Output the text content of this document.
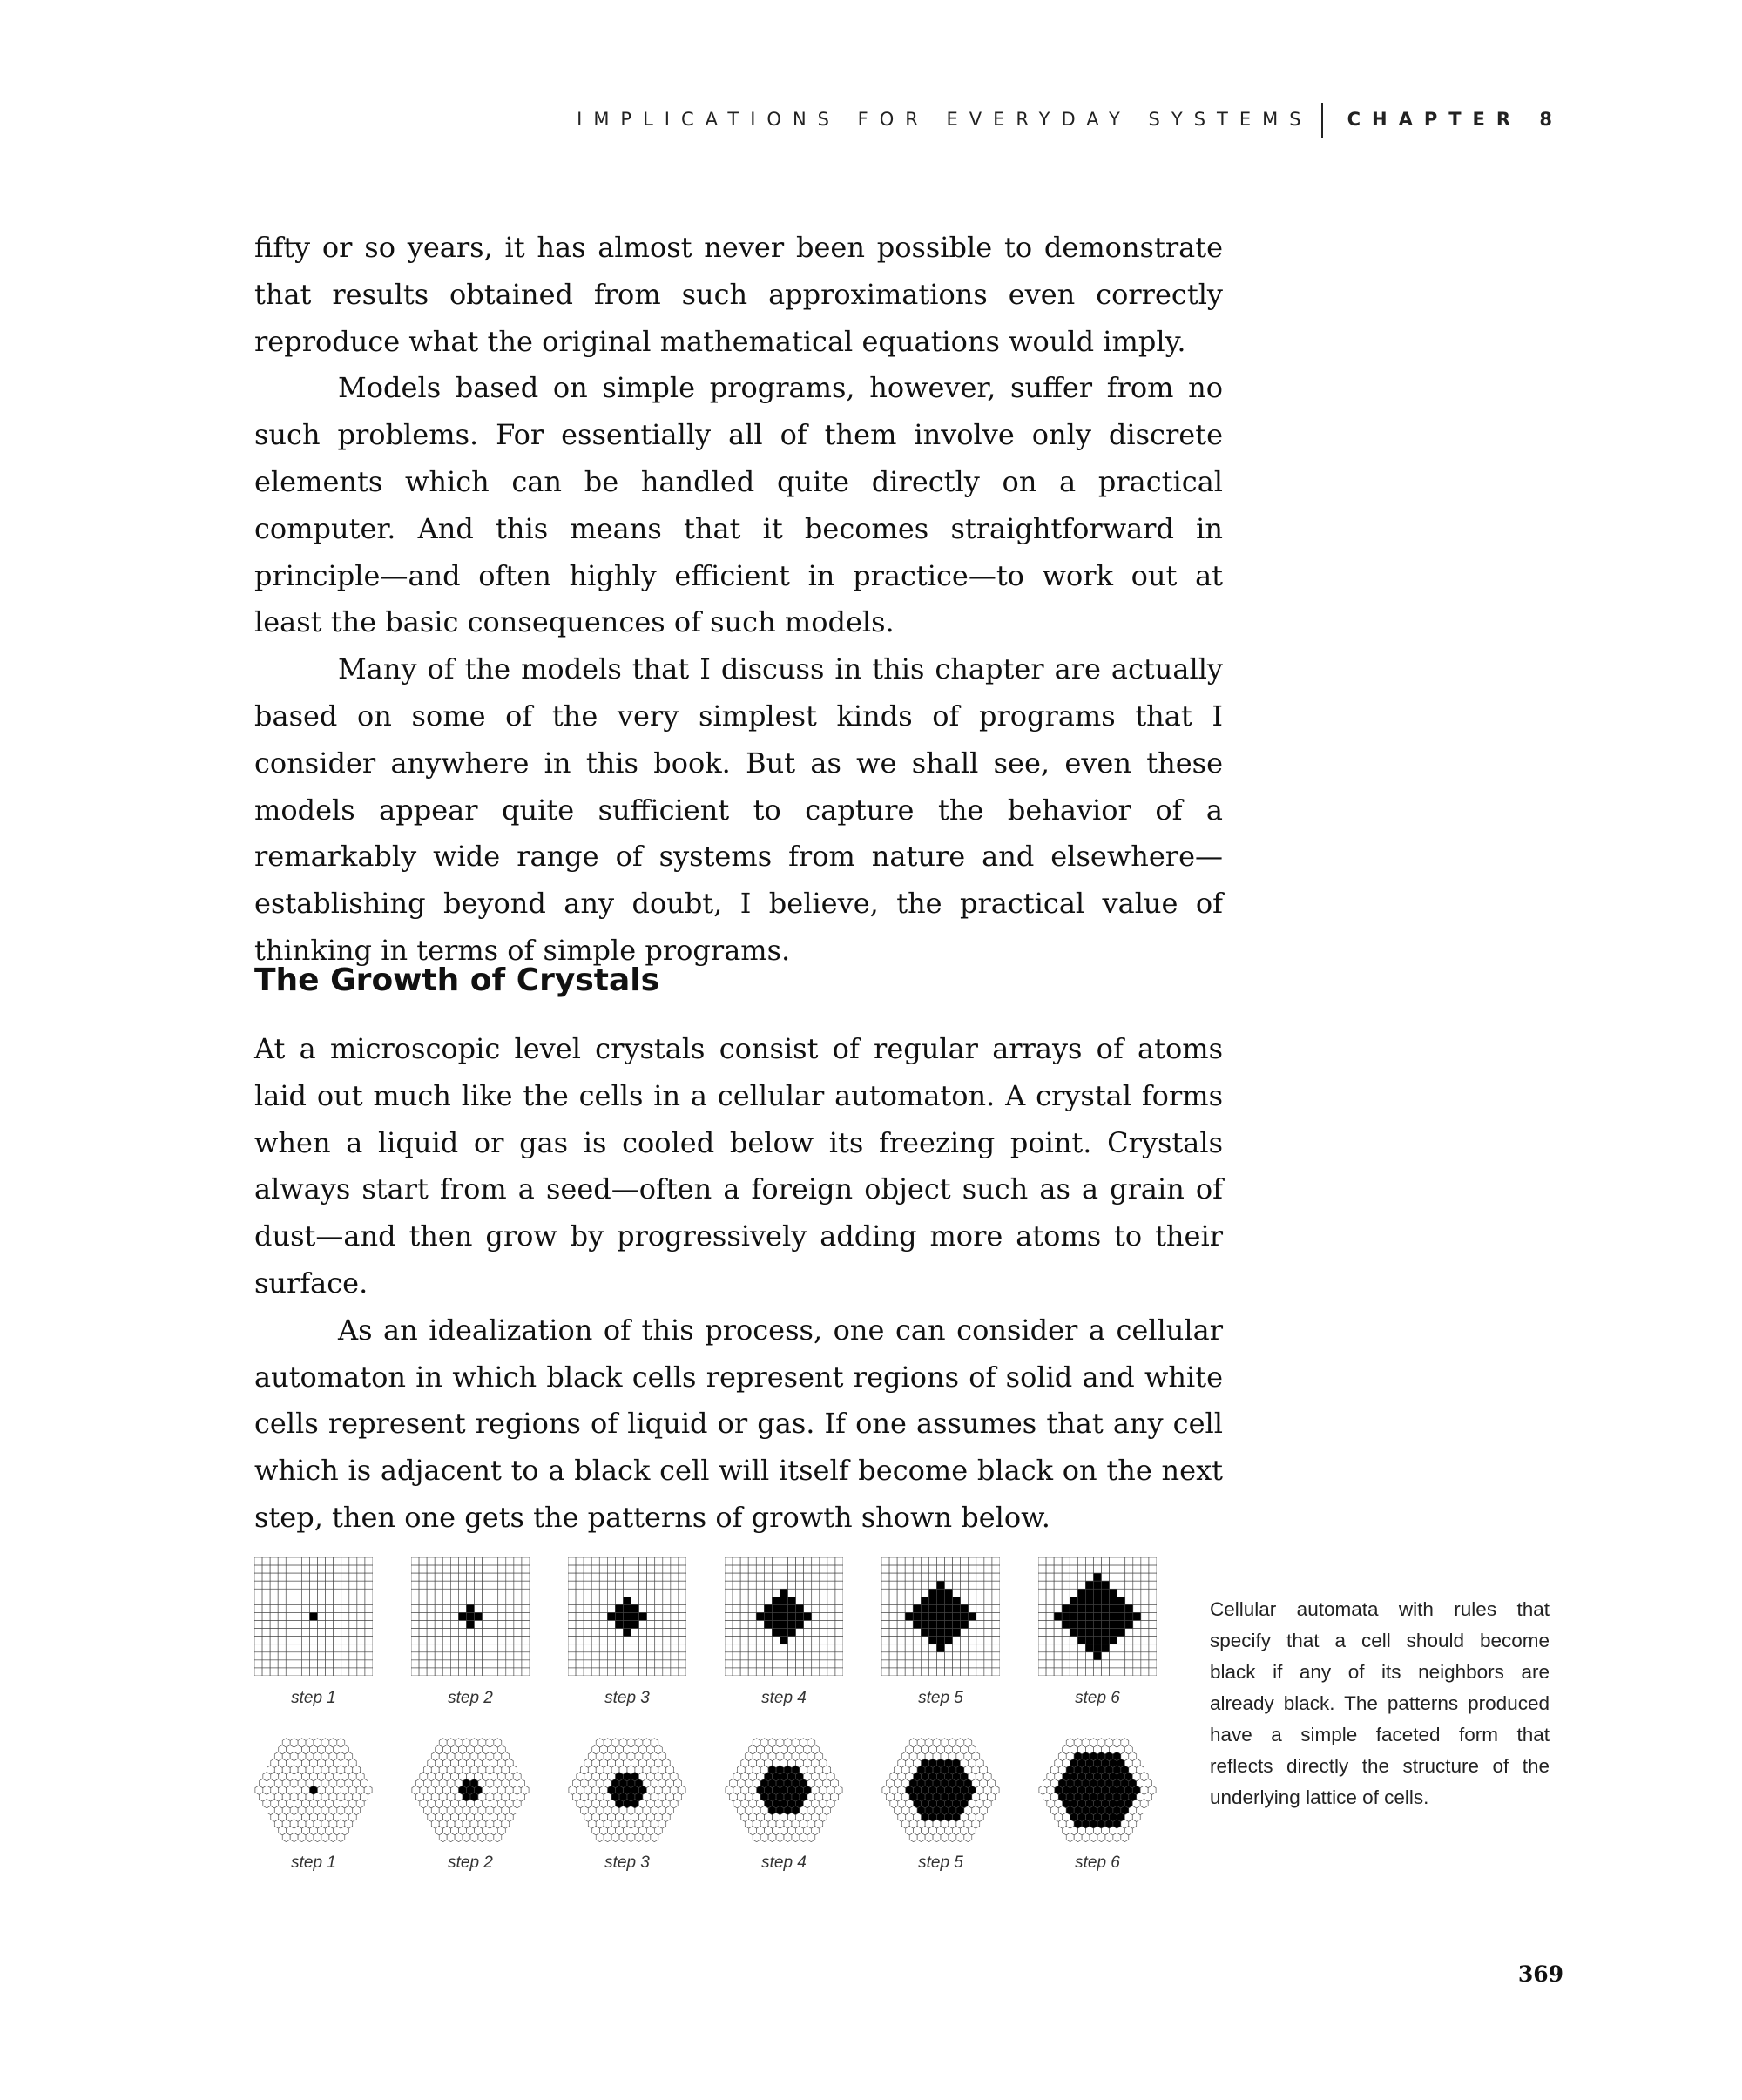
IMPLICATIONS FOR EVERYDAY SYSTEMS CHAPTER 8

fifty or so years, it has almost never been possible to demonstrate that results obtained from such approximations even correctly reproduce what the original mathematical equations would imply.

Models based on simple programs, however, suffer from no such problems. For essentially all of them involve only discrete elements which can be handled quite directly on a practical computer. And this means that it becomes straightforward in principle—and often highly efficient in practice—to work out at least the basic consequences of such models.

Many of the models that I discuss in this chapter are actually based on some of the very simplest kinds of programs that I consider anywhere in this book. But as we shall see, even these models appear quite sufficient to capture the behavior of a remarkably wide range of systems from nature and elsewhere—establishing beyond any doubt, I believe, the practical value of thinking in terms of simple programs.

The Growth of Crystals

At a microscopic level crystals consist of regular arrays of atoms laid out much like the cells in a cellular automaton. A crystal forms when a liquid or gas is cooled below its freezing point. Crystals always start from a seed—often a foreign object such as a grain of dust—and then grow by progressively adding more atoms to their surface.

As an idealization of this process, one can consider a cellular automaton in which black cells represent regions of solid and white cells represent regions of liquid or gas. If one assumes that any cell which is adjacent to a black cell will itself become black on the next step, then one gets the patterns of growth shown below.

step 1	step 2	step 3	step 4	step 5	step 6
step 1	step 2	step 3	step 4	step 5	step 6
Cellular automata with rules that specify that a cell should become black if any of its neighbors are already black. The patterns produced have a simple faceted form that reflects directly the structure of the underlying lattice of cells.
369
